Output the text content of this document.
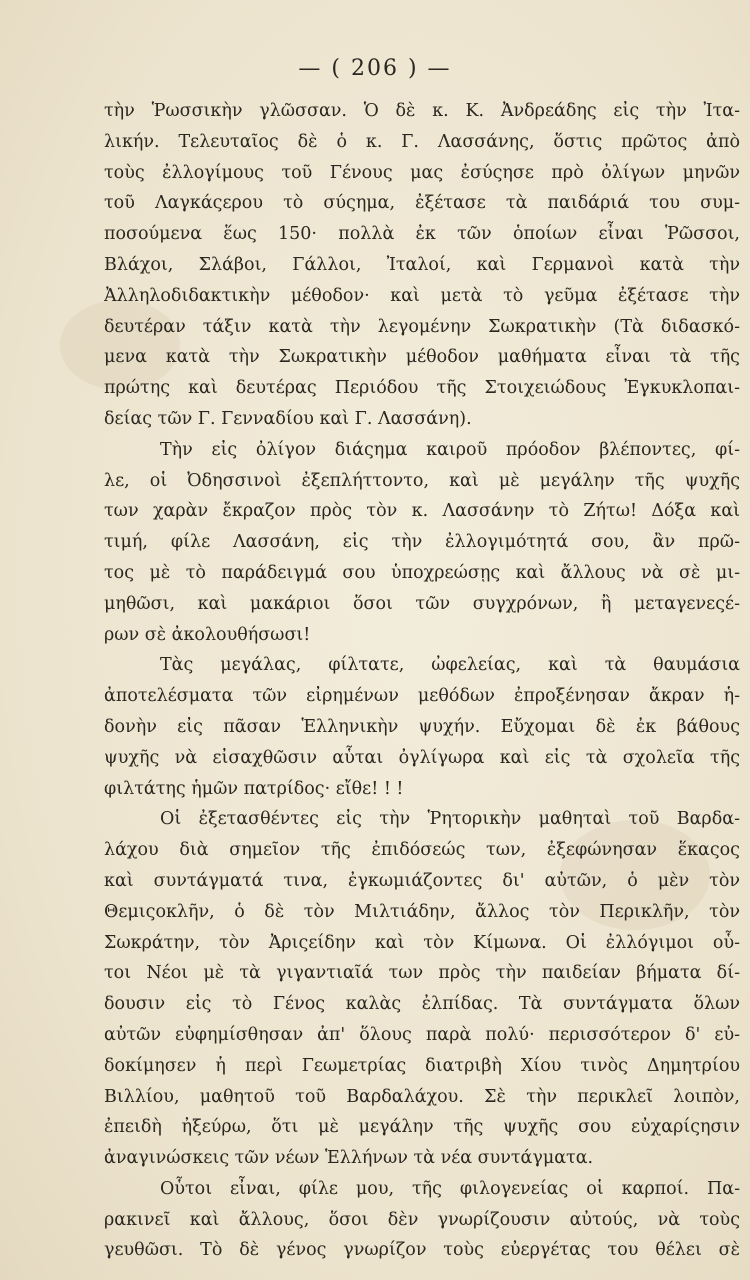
— ( 206 ) —
τὴν Ῥωσσικὴν γλῶσσαν. Ὁ δὲ κ. Κ. Ἀνδρεάδης εἰς τὴν Ἰτα-
λικήν. Τελευταῖος δὲ ὁ κ. Γ. Λασσάνης, ὅστις πρῶτος ἀπὸ
τοὺς ἐλλογίμους τοῦ Γένους μας ἐσύςησε πρὸ ὀλίγων μηνῶν
τοῦ Λαγκάςερου τὸ σύςημα, ἐξέτασε τὰ παιδάριά του συμ-
ποσούμενα ἕως 150· πολλὰ ἐκ τῶν ὁποίων εἶναι Ῥῶσσοι,
Βλάχοι, Σλάβοι, Γάλλοι, Ἰταλοί, καὶ Γερμανοὶ κατὰ τὴν
Ἀλληλοδιδακτικὴν μέθοδον· καὶ μετὰ τὸ γεῦμα ἐξέτασε τὴν
δευτέραν τάξιν κατὰ τὴν λεγομένην Σωκρατικὴν (Τὰ διδασκό-
μενα κατὰ τὴν Σωκρατικὴν μέθοδον μαθήματα εἶναι τὰ τῆς
πρώτης καὶ δευτέρας Περιόδου τῆς Στοιχειώδους Ἐγκυκλοπαι-
δείας τῶν Γ. Γενναδίου καὶ Γ. Λασσάνη).
Τὴν εἰς ὀλίγον διάςημα καιροῦ πρόοδον βλέποντες, φί-
λε, οἱ Ὀδησσινοὶ ἐξεπλήττοντο, καὶ μὲ μεγάλην τῆς ψυχῆς
των χαρὰν ἔκραζον πρὸς τὸν κ. Λασσάνην τὸ Ζήτω! Δόξα καὶ
τιμή, φίλε Λασσάνη, εἰς τὴν ἐλλογιμότητά σου, ἂν πρῶ-
τος μὲ τὸ παράδειγμά σου ὑποχρεώσῃς καὶ ἄλλους νὰ σὲ μι-
μηθῶσι, καὶ μακάριοι ὅσοι τῶν συγχρόνων, ἢ μεταγενεςέ-
ρων σὲ ἀκολουθήσωσι!
Τὰς μεγάλας, φίλτατε, ὠφελείας, καὶ τὰ θαυμάσια
ἀποτελέσματα τῶν εἰρημένων μεθόδων ἐπροξένησαν ἄκραν ἡ-
δονὴν εἰς πᾶσαν Ἑλληνικὴν ψυχήν. Εὔχομαι δὲ ἐκ βάθους
ψυχῆς νὰ εἰσαχθῶσιν αὗται ὀγλίγωρα καὶ εἰς τὰ σχολεῖα τῆς
φιλτάτης ἡμῶν πατρίδος· εἴθε! ! !
Οἱ ἐξετασθέντες εἰς τὴν Ῥητορικὴν μαθηταὶ τοῦ Βαρδα-
λάχου διὰ σημεῖον τῆς ἐπιδόσεώς των, ἐξεφώνησαν ἕκαςος
καὶ συντάγματά τινα, ἐγκωμιάζοντες δι' αὐτῶν, ὁ μὲν τὸν
Θεμιςοκλῆν, ὁ δὲ τὸν Μιλτιάδην, ἄλλος τὸν Περικλῆν, τὸν
Σωκράτην, τὸν Ἀριςείδην καὶ τὸν Κίμωνα. Οἱ ἐλλόγιμοι οὗ-
τοι Νέοι μὲ τὰ γιγαντιαῖά των πρὸς τὴν παιδείαν βήματα δί-
δουσιν εἰς τὸ Γένος καλὰς ἐλπίδας. Τὰ συντάγματα ὅλων
αὐτῶν εὐφημίσθησαν ἀπ' ὅλους παρὰ πολύ· περισσότερον δ' εὐ-
δοκίμησεν ἡ περὶ Γεωμετρίας διατριβὴ Χίου τινὸς Δημητρίου
Βιλλίου, μαθητοῦ τοῦ Βαρδαλάχου. Σὲ τὴν περικλεῖ λοιπὸν,
ἐπειδὴ ἠξεύρω, ὅτι μὲ μεγάλην τῆς ψυχῆς σου εὐχαρίςησιν
ἀναγινώσκεις τῶν νέων Ἑλλήνων τὰ νέα συντάγματα.
Οὗτοι εἶναι, φίλε μου, τῆς φιλογενείας οἱ καρποί. Πα-
ρακινεῖ καὶ ἄλλους, ὅσοι δὲν γνωρίζουσιν αὐτούς, νὰ τοὺς
γευθῶσι. Τὸ δὲ γένος γνωρίζον τοὺς εὐεργέτας του θέλει σὲ
